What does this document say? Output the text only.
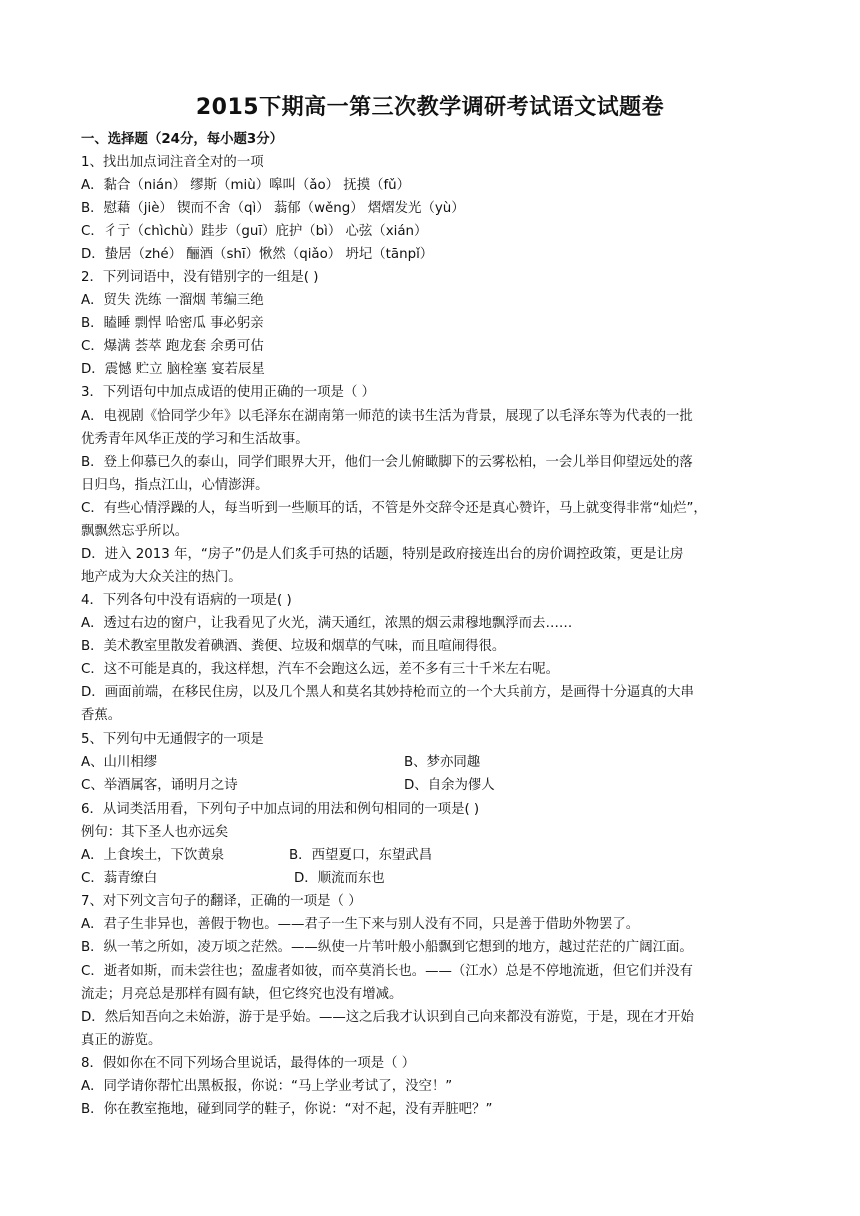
2015下期高一第三次教学调研考试语文试题卷
一、选择题（24分，每小题3分）
1、找出加点词注音全对的一项
A．黏合（nián） 缪斯（miù）嗥叫（ǎo） 抚摸（fǔ）
B．慰藉（jiè） 锲而不舍（qì） 蓊郁（wěng） 熠熠发光（yù）
C．彳亍（chìchù）跬步（guī）庇护（bì） 心弦（xián）
D．蛰居（zhé） 酾酒（shī）愀然（qiǎo） 坍圮（tānpǐ）
2．下列词语中，没有错别字的一组是( )
A．贸失 洗练 一溜烟 苇编三绝
B．瞌睡 剽悍 哈密瓜 事必躬亲
C．爆满 荟萃 跑龙套 余勇可估
D．震憾 贮立 脑栓塞 宴若辰星
3．下列语句中加点成语的使用正确的一项是（ ）
A．电视剧《恰同学少年》以毛泽东在湖南第一师范的读书生活为背景，展现了以毛泽东等为代表的一批
优秀青年风华正茂的学习和生活故事。
B．登上仰慕已久的泰山，同学们眼界大开，他们一会儿俯瞰脚下的云雾松柏，一会儿举目仰望远处的落
日归鸟，指点江山，心情澎湃。
C．有些心情浮躁的人，每当听到一些顺耳的话，不管是外交辞令还是真心赞许，马上就变得非常“灿烂”，
飘飘然忘乎所以。
D．进入 2013 年，“房子”仍是人们炙手可热的话题，特别是政府接连出台的房价调控政策，更是让房
地产成为大众关注的热门。
4．下列各句中没有语病的一项是( )
A．透过右边的窗户，让我看见了火光，满天通红，浓黑的烟云肃穆地飘浮而去……
B．美术教室里散发着碘酒、粪便、垃圾和烟草的气味，而且喧闹得很。
C．这不可能是真的，我这样想，汽车不会跑这么远，差不多有三十千米左右呢。
D．画面前端，在移民住房，以及几个黑人和莫名其妙持枪而立的一个大兵前方，是画得十分逼真的大串
香蕉。
5、下列句中无通假字的一项是
A、山川相缪	B、梦亦同趣
C、举酒属客，诵明月之诗	D、自余为僇人
6．从词类活用看，下列句子中加点词的用法和例句相同的一项是( )
例句：其下圣人也亦远矣
A．上食埃土，下饮黄泉	B．西望夏口，东望武昌
C．蓊青缭白	D．顺流而东也
7、对下列文言句子的翻译，正确的一项是（ ）
A．君子生非异也，善假于物也。——君子一生下来与别人没有不同，只是善于借助外物罢了。
B．纵一苇之所如，凌万顷之茫然。——纵使一片苇叶般小船飘到它想到的地方，越过茫茫的广阔江面。
C．逝者如斯，而未尝往也；盈虚者如彼，而卒莫消长也。——（江水）总是不停地流逝，但它们并没有
流走；月亮总是那样有圆有缺，但它终究也没有增减。
D．然后知吾向之未始游，游于是乎始。——这之后我才认识到自己向来都没有游览，于是，现在才开始
真正的游览。
8．假如你在不同下列场合里说话，最得体的一项是（ ）
A．同学请你帮忙出黑板报，你说：“马上学业考试了，没空！”
B．你在教室拖地，碰到同学的鞋子，你说：“对不起，没有弄脏吧？”
